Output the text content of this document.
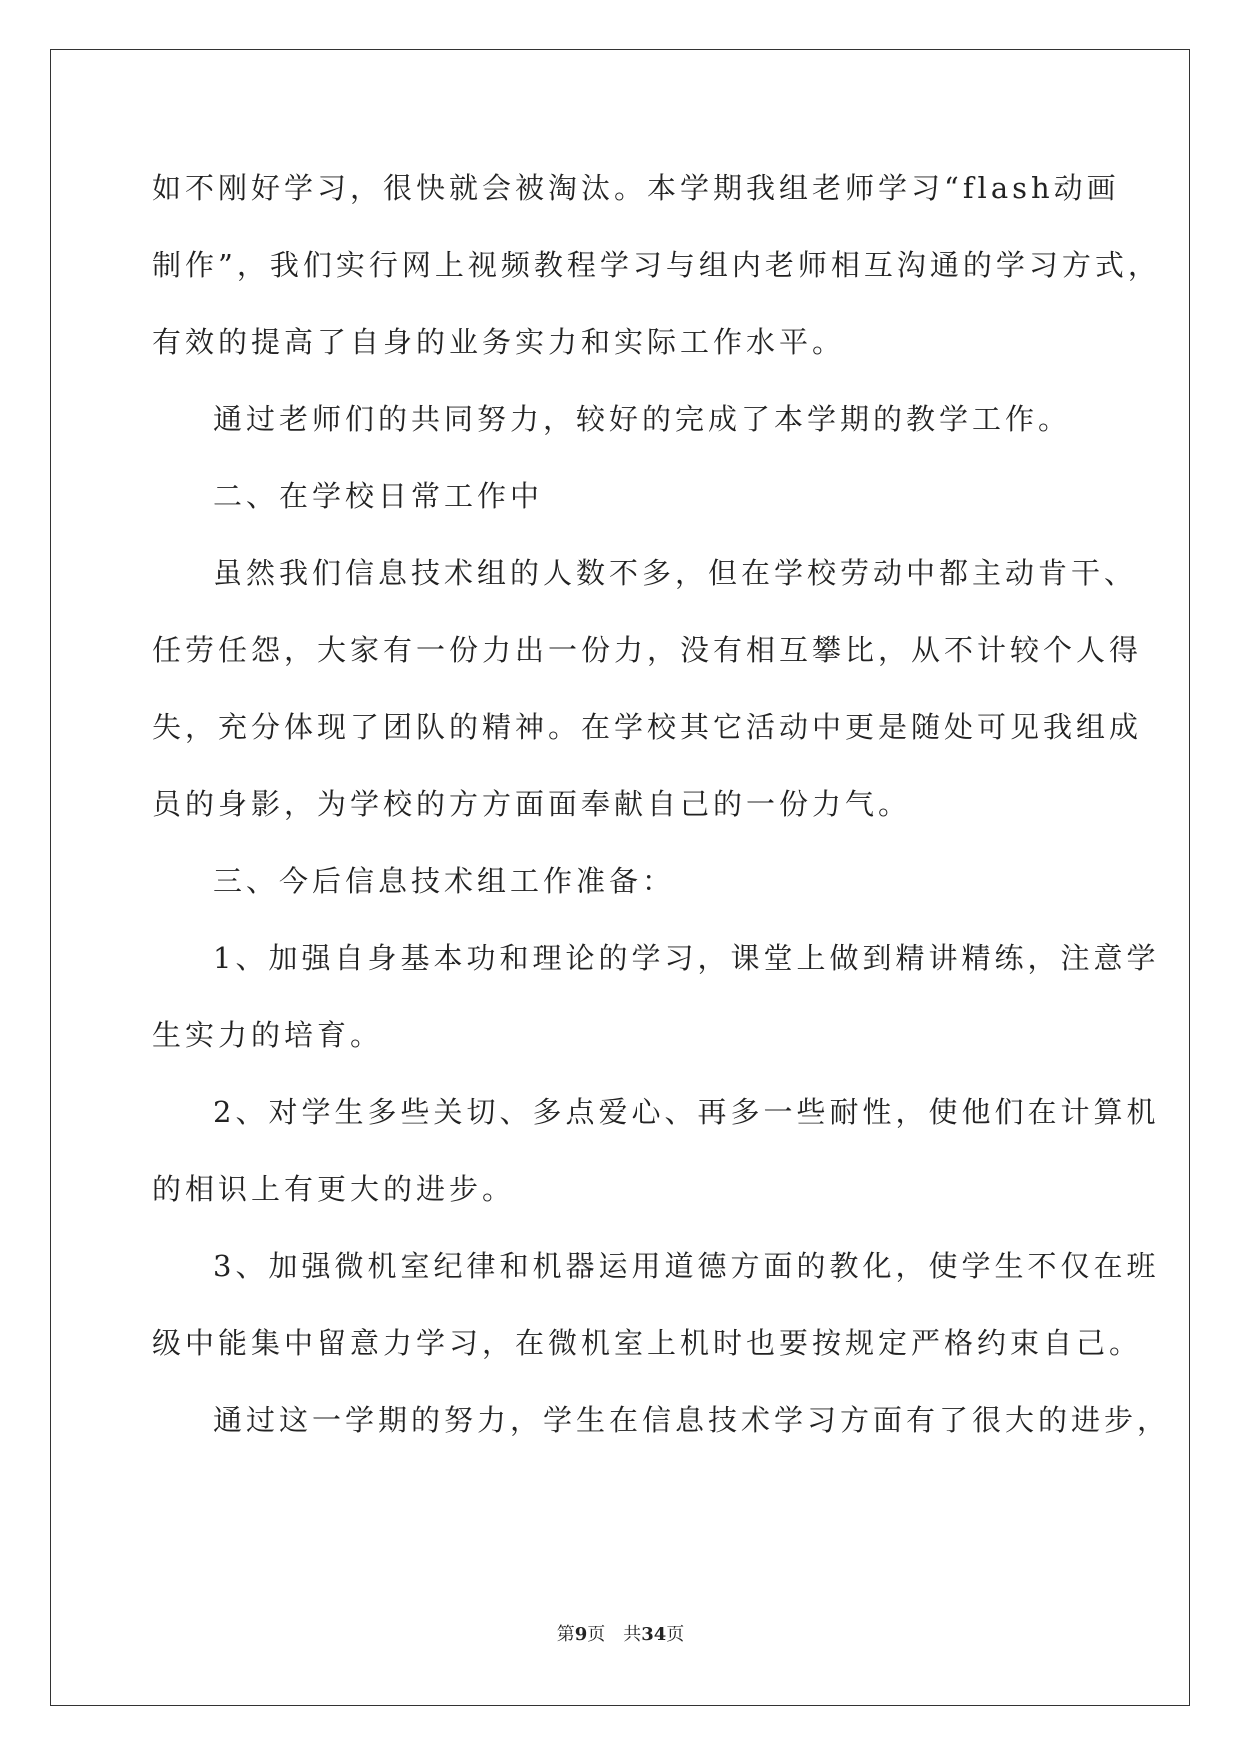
如不刚好学习，很快就会被淘汰。本学期我组老师学习“flash动画
制作”，我们实行网上视频教程学习与组内老师相互沟通的学习方式，
有效的提高了自身的业务实力和实际工作水平。
通过老师们的共同努力，较好的完成了本学期的教学工作。
二、在学校日常工作中
虽然我们信息技术组的人数不多，但在学校劳动中都主动肯干、
任劳任怨，大家有一份力出一份力，没有相互攀比，从不计较个人得
失，充分体现了团队的精神。在学校其它活动中更是随处可见我组成
员的身影，为学校的方方面面奉献自己的一份力气。
三、今后信息技术组工作准备：
1、加强自身基本功和理论的学习，课堂上做到精讲精练，注意学
生实力的培育。
2、对学生多些关切、多点爱心、再多一些耐性，使他们在计算机
的相识上有更大的进步。
3、加强微机室纪律和机器运用道德方面的教化，使学生不仅在班
级中能集中留意力学习，在微机室上机时也要按规定严格约束自己。
通过这一学期的努力，学生在信息技术学习方面有了很大的进步，
第9页 共34页
